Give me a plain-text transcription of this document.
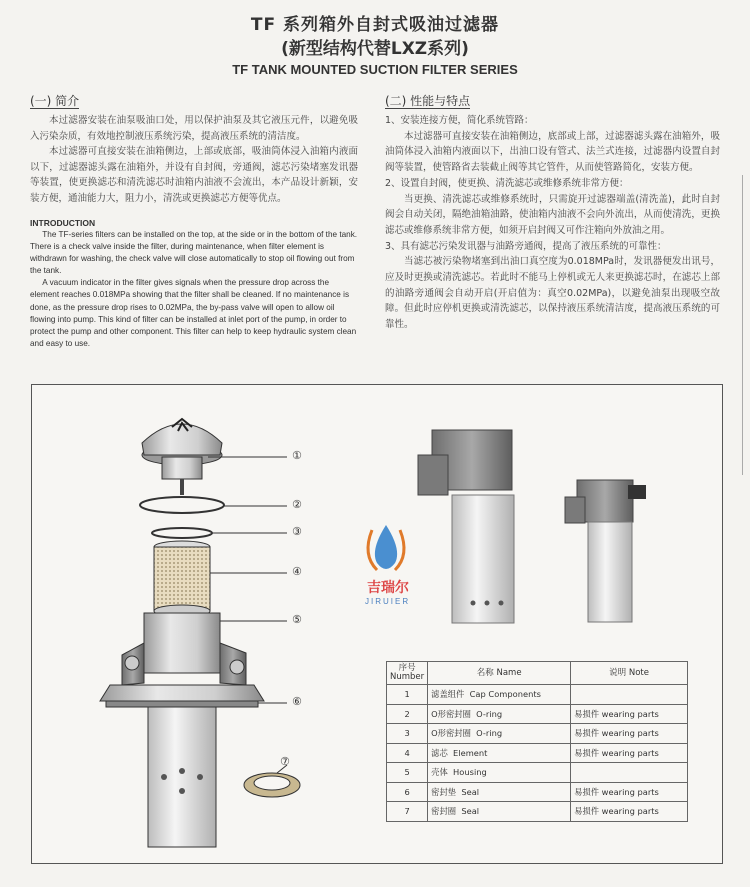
TF 系列箱外自封式吸油过滤器
(新型结构代替LXZ系列)
TF TANK MOUNTED SUCTION FILTER SERIES
(一) 简介

本过滤器安装在油泵吸油口处，用以保护油泵及其它液压元件，以避免吸入污染杂质，有效地控制液压系统污染，提高液压系统的清洁度。

本过滤器可直接安装在油箱侧边，上部或底部，吸油筒体浸入油箱内液面以下，过滤器滤头露在油箱外，并设有自封阀，旁通阀，滤芯污染堵塞发讯器等装置，使更换滤芯和清洗滤芯时油箱内油液不会流出，本产品设计新颖，安装方便，通油能力大，阻力小，清洗或更换滤芯方便等优点。

INTRODUCTION

The TF-series filters can be installed on the top, at the side or in the bottom of the tank. There is a check valve inside the filter, during maintenance, when filter element is withdrawn for washing, the check valve will close automatically to stop oil flowing out from the tank.

A vacuum indicator in the filter gives signals when the pressure drop across the element reaches 0.018MPa showing that the filter shall be cleaned. If no maintenance is done, as the pressure drop rises to 0.02MPa, the by-pass valve will open to allow oil flowing into pump. This kind of filter can be installed at inlet port of the pump, in order to protect the pump and other component. This filter can help to keep hydraulic system clean and easy to use.

(二) 性能与特点

1、安装连接方便，简化系统管路：

本过滤器可直接安装在油箱侧边，底部或上部，过滤器滤头露在油箱外，吸油筒体浸入油箱内液面以下，出油口设有管式、法兰式连接，过滤器内设置自封阀等装置，使管路省去装截止阀等其它管件，从而使管路简化，安装方便。

2、设置自封阀，使更换、清洗滤芯或维修系统非常方便：

当更换、清洗滤芯或维修系统时，只需旋开过滤器端盖(清洗盖)，此时自封阀会自动关闭，隔绝油箱油路，使油箱内油液不会向外流出，从而使清洗，更换滤芯或维修系统非常方便，如须开启封阀又可作注箱向外放油之用。

3、具有滤芯污染发讯器与油路旁通阀，提高了液压系统的可靠性：

当滤芯被污染物堵塞到出油口真空度为0.018MPa时，发讯器便发出讯号，应及时更换或清洗滤芯。若此时不能马上停机或无人来更换滤芯时，在滤芯上部的油路旁通阀会自动开启(开启值为：真空0.02MPa)，以避免油泵出现吸空故障。但此时应停机更换或清洗滤芯，以保持液压系统清洁度，提高液压系统的可靠性。

①
②
③
④
⑤
⑥
⑦
吉瑞尔
JIRUIER
序号
Number	名称 Name	说明 Note
1	滤盖组件 Cap Components	
2	O形密封圈 O-ring	易损件 wearing parts
3	O形密封圈 O-ring	易损件 wearing parts
4	滤芯 Element	易损件 wearing parts
5	壳体 Housing	
6	密封垫 Seal	易损件 wearing parts
7	密封圈 Seal	易损件 wearing parts
